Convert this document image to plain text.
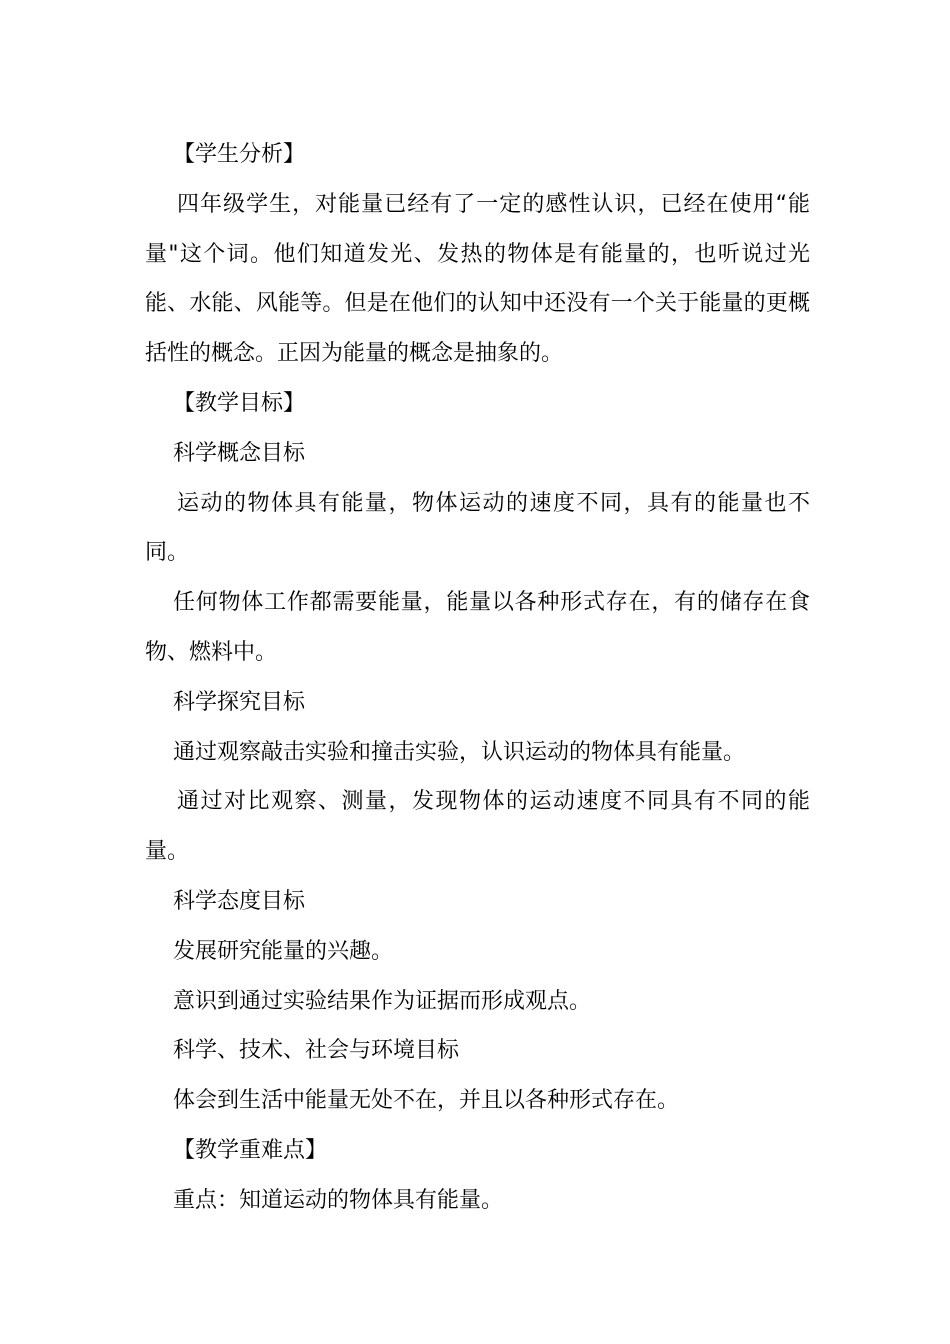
【学生分析】

四年级学生，对能量已经有了一定的感性认识，已经在使用“能量"这个词。他们知道发光、发热的物体是有能量的，也听说过光能、水能、风能等。但是在他们的认知中还没有一个关于能量的更概括性的概念。正因为能量的概念是抽象的。

【教学目标】

科学概念目标

运动的物体具有能量，物体运动的速度不同，具有的能量也不同。

任何物体工作都需要能量，能量以各种形式存在，有的储存在食物、燃料中。

科学探究目标

通过观察敲击实验和撞击实验，认识运动的物体具有能量。

通过对比观察、测量，发现物体的运动速度不同具有不同的能量。

科学态度目标

发展研究能量的兴趣。

意识到通过实验结果作为证据而形成观点。

科学、技术、社会与环境目标

体会到生活中能量无处不在，并且以各种形式存在。

【教学重难点】

重点：知道运动的物体具有能量。
